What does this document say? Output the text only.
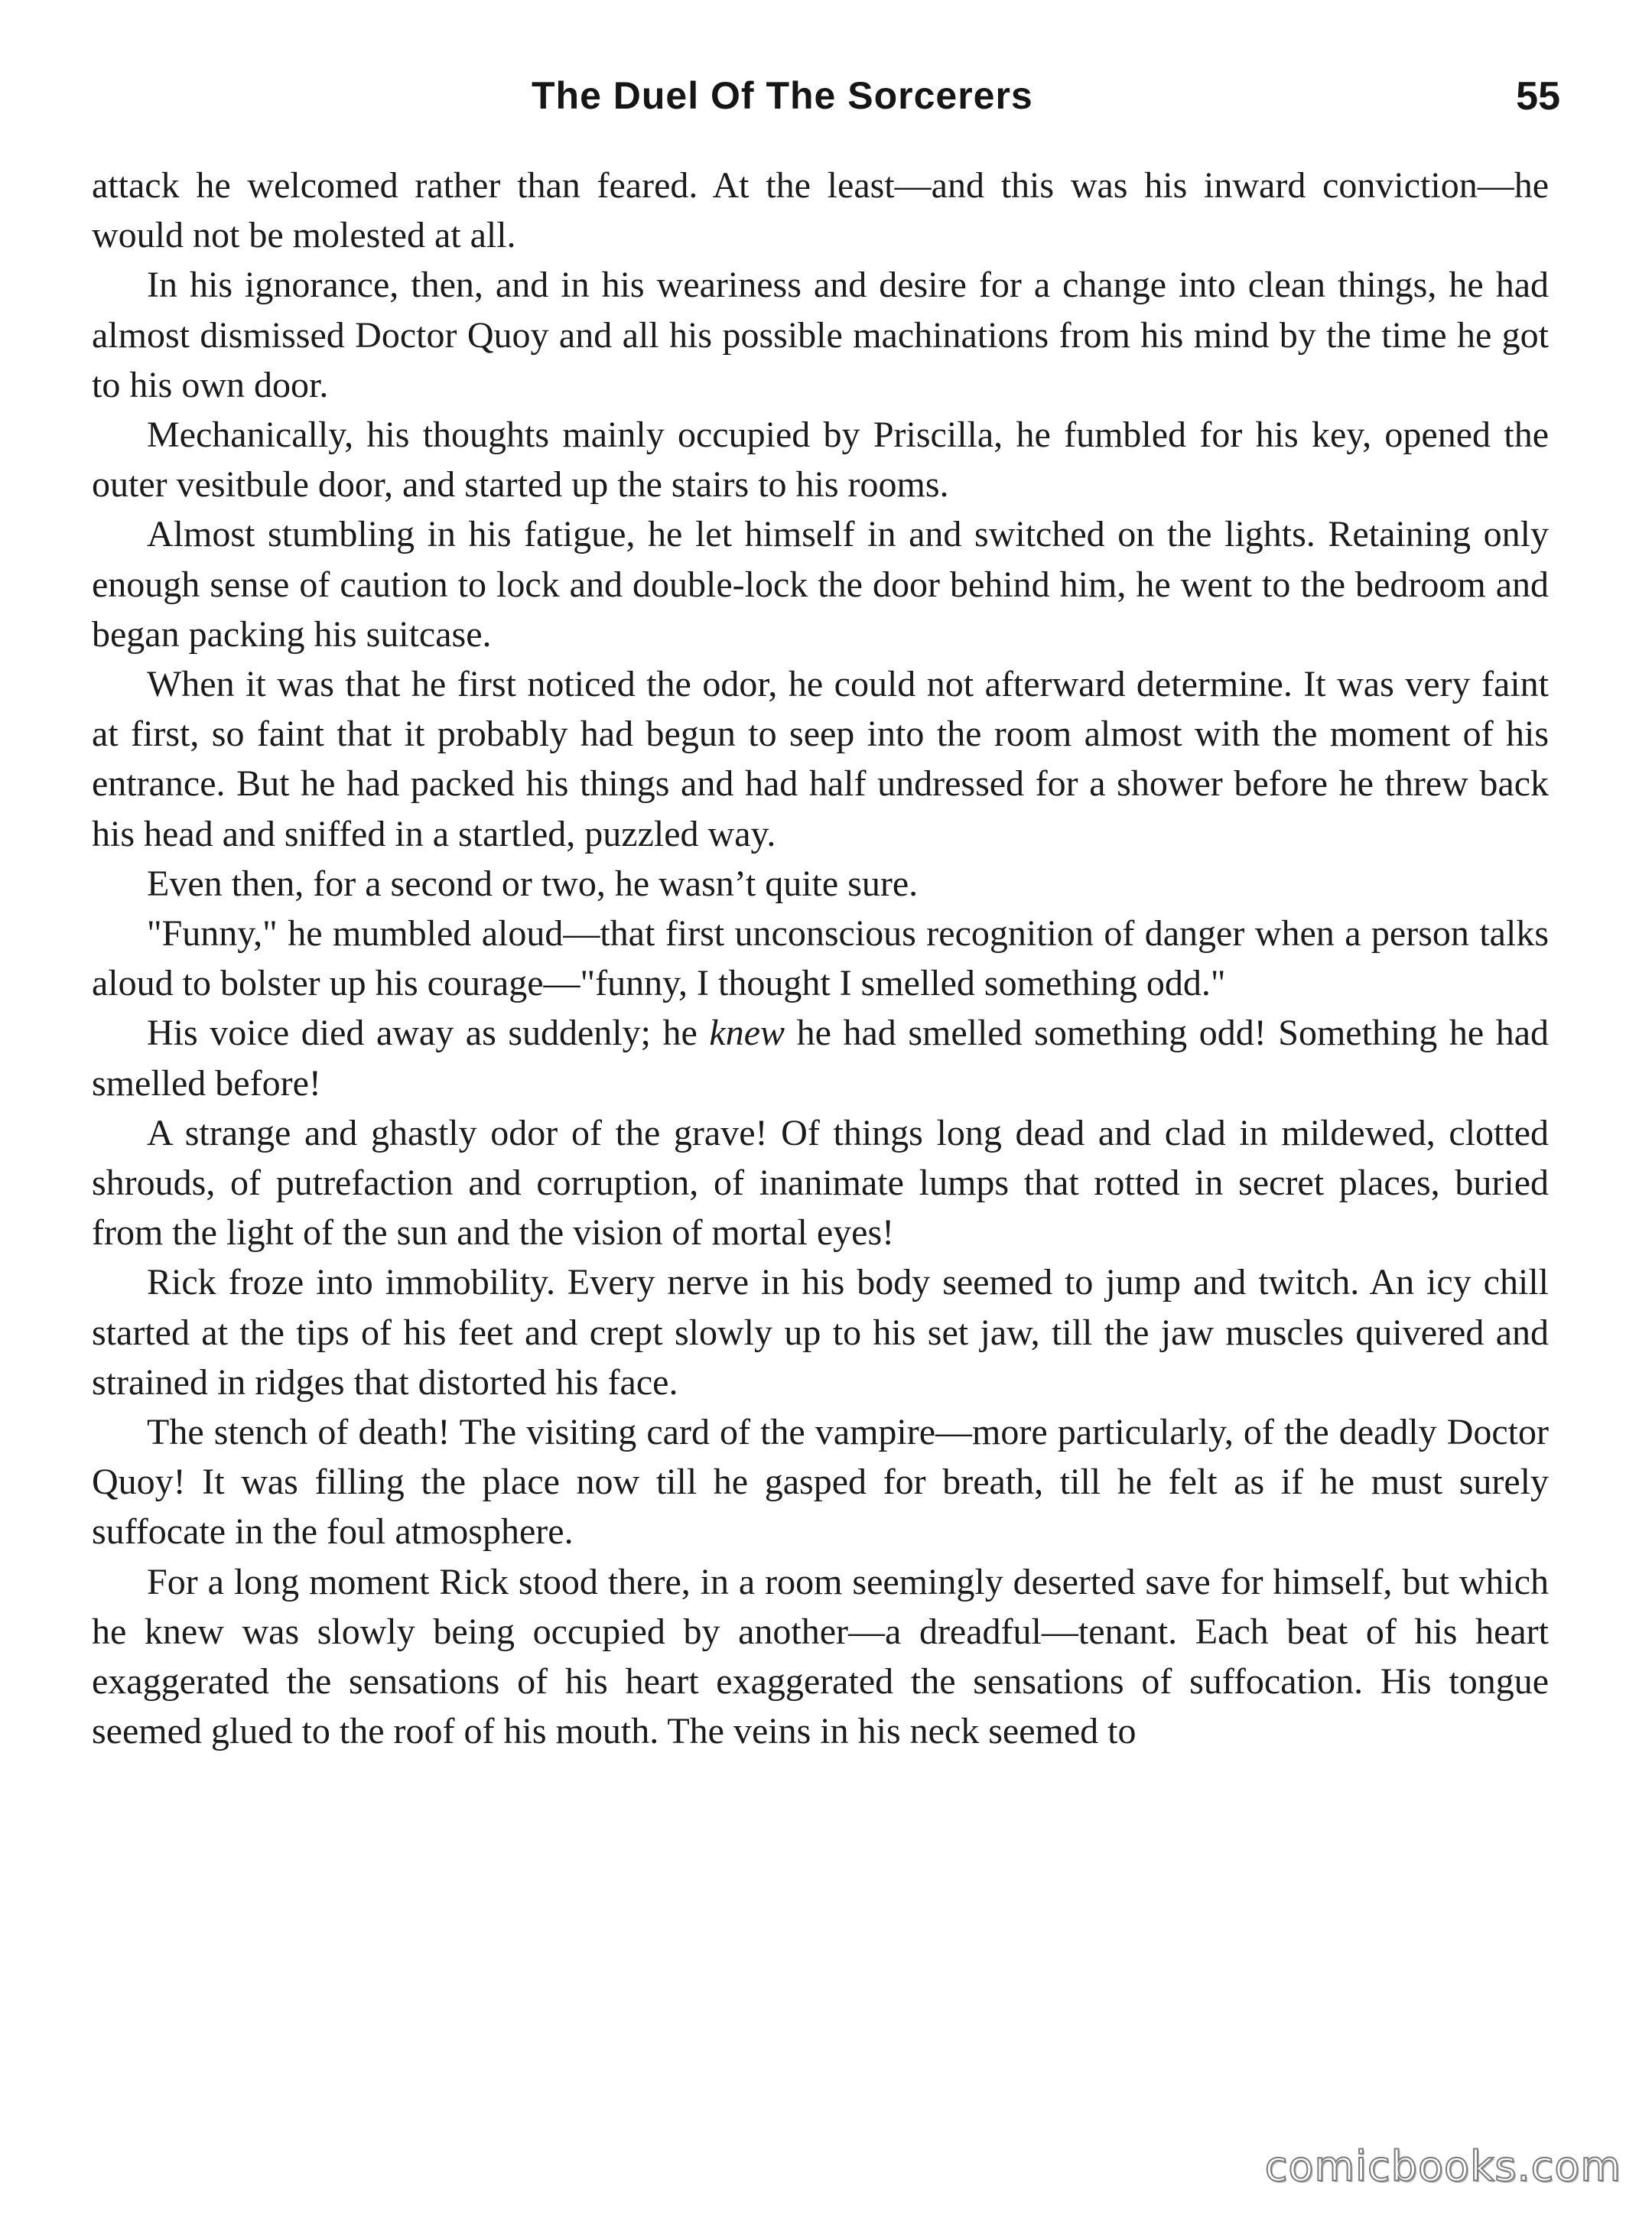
The Duel Of The Sorcerers	55

attack he welcomed rather than feared. At the least—and this was his inward conviction—he would not be molested at all.

In his ignorance, then, and in his weariness and desire for a change into clean things, he had almost dismissed Doctor Quoy and all his possible machinations from his mind by the time he got to his own door.

Mechanically, his thoughts mainly occupied by Priscilla, he fumbled for his key, opened the outer vesitbule door, and started up the stairs to his rooms.

Almost stumbling in his fatigue, he let himself in and switched on the lights. Retaining only enough sense of caution to lock and double-lock the door behind him, he went to the bedroom and began packing his suitcase.

When it was that he first noticed the odor, he could not afterward determine. It was very faint at first, so faint that it probably had begun to seep into the room almost with the moment of his entrance. But he had packed his things and had half undressed for a shower before he threw back his head and sniffed in a startled, puzzled way.

Even then, for a second or two, he wasn’t quite sure.

"Funny," he mumbled aloud—that first unconscious recognition of danger when a person talks aloud to bolster up his courage—"funny, I thought I smelled something odd."

His voice died away as suddenly; he knew he had smelled something odd! Something he had smelled before!

A strange and ghastly odor of the grave! Of things long dead and clad in mildewed, clotted shrouds, of putrefaction and corruption, of inanimate lumps that rotted in secret places, buried from the light of the sun and the vision of mortal eyes!

Rick froze into immobility. Every nerve in his body seemed to jump and twitch. An icy chill started at the tips of his feet and crept slowly up to his set jaw, till the jaw muscles quivered and strained in ridges that distorted his face.

The stench of death! The visiting card of the vampire—more particularly, of the deadly Doctor Quoy! It was filling the place now till he gasped for breath, till he felt as if he must surely suffocate in the foul atmosphere.

For a long moment Rick stood there, in a room seemingly deserted save for himself, but which he knew was slowly being occupied by another—a dreadful—tenant. Each beat of his heart exaggerated the sensations of his heart exaggerated the sensations of suffocation. His tongue seemed glued to the roof of his mouth. The veins in his neck seemed to

comicbooks.com
